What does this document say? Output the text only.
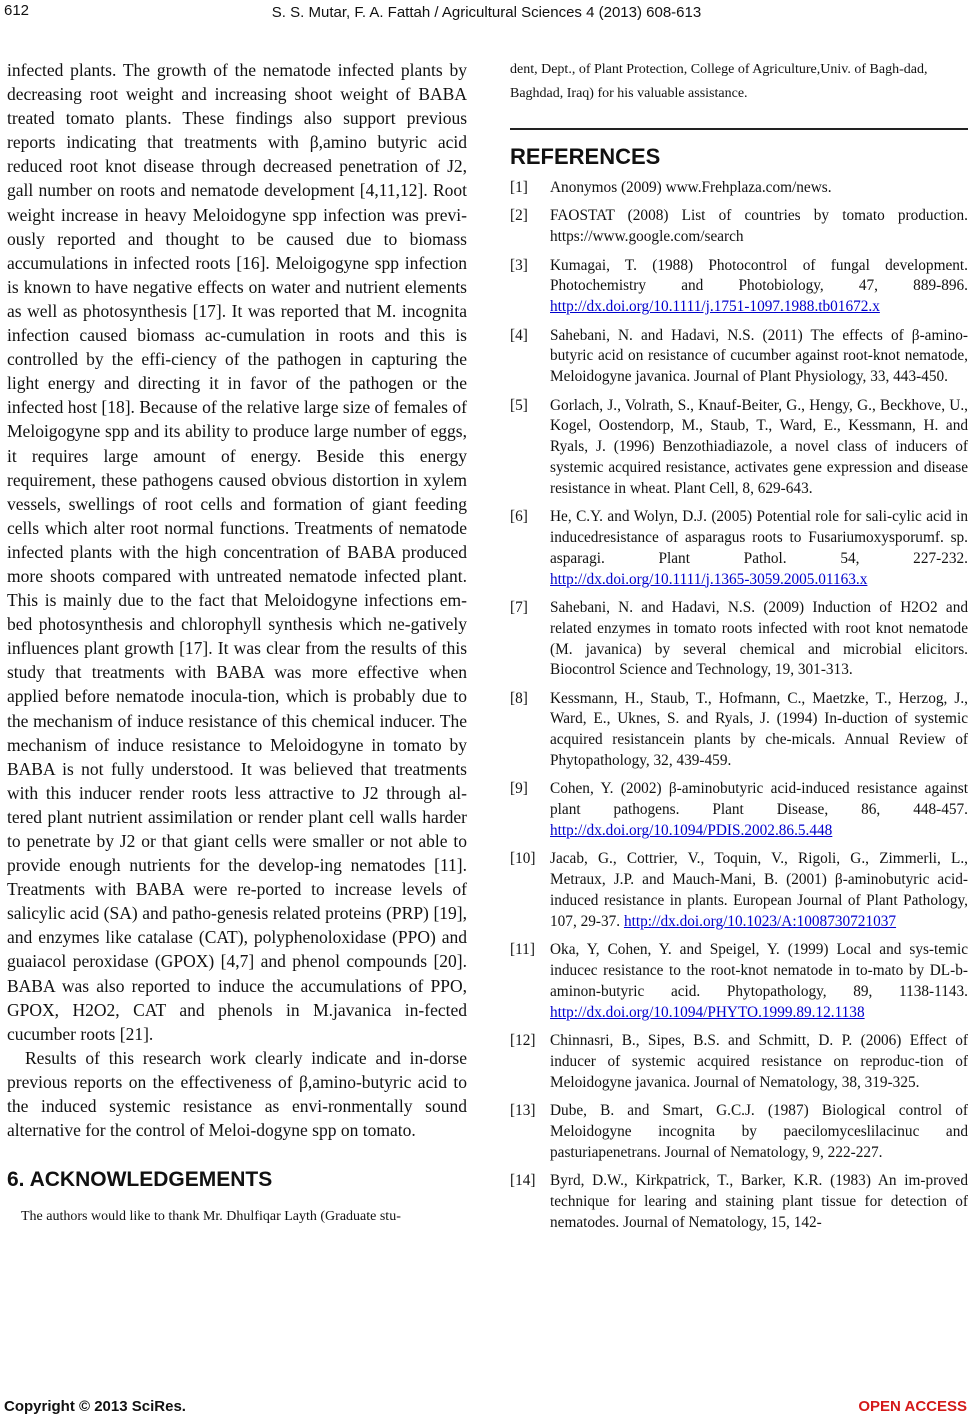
612	S. S. Mutar, F. A. Fattah / Agricultural Sciences 4 (2013) 608-613

infected plants. The growth of the nematode infected plants by decreasing root weight and increasing shoot weight of BABA treated tomato plants. These findings also support previous reports indicating that treatments with β,amino butyric acid reduced root knot disease through decreased penetration of J2, gall number on roots and nematode development [4,11,12]. Root weight increase in heavy Meloidogyne spp infection was previ-ously reported and thought to be caused due to biomass accumulations in infected roots [16]. Meloigogyne spp infection is known to have negative effects on water and nutrient elements as well as photosynthesis [17]. It was reported that M. incognita infection caused biomass ac-cumulation in roots and this is controlled by the effi-ciency of the pathogen in capturing the light energy and directing it in favor of the pathogen or the infected host [18]. Because of the relative large size of females of Meloigogyne spp and its ability to produce large number of eggs, it requires large amount of energy. Beside this energy requirement, these pathogens caused obvious distortion in xylem vessels, swellings of root cells and formation of giant feeding cells which alter root normal functions. Treatments of nematode infected plants with the high concentration of BABA produced more shoots compared with untreated nematode infected plant. This is mainly due to the fact that Meloidogyne infections em-bed photosynthesis and chlorophyll synthesis which ne-gatively influences plant growth [17]. It was clear from the results of this study that treatments with BABA was more effective when applied before nematode inocula-tion, which is probably due to the mechanism of induce resistance of this chemical inducer. The mechanism of induce resistance to Meloidogyne in tomato by BABA is not fully understood. It was believed that treatments with this inducer render roots less attractive to J2 through al-tered plant nutrient assimilation or render plant cell walls harder to penetrate by J2 or that giant cells were smaller or not able to provide enough nutrients for the develop-ing nematodes [11]. Treatments with BABA were re-ported to increase levels of salicylic acid (SA) and patho-genesis related proteins (PRP) [19], and enzymes like catalase (CAT), polyphenoloxidase (PPO) and guaiacol peroxidase (GPOX) [4,7] and phenol compounds [20]. BABA was also reported to induce the accumulations of PPO, GPOX, H2O2, CAT and phenols in M.javanica in-fected cucumber roots [21].

Results of this research work clearly indicate and in-dorse previous reports on the effectiveness of β,amino-butyric acid to the induced systemic resistance as envi-ronmentally sound alternative for the control of Meloi-dogyne spp on tomato.

6. ACKNOWLEDGEMENTS

The authors would like to thank Mr. Dhulfiqar Layth (Graduate stu-

dent, Dept., of Plant Protection, College of Agriculture,Univ. of Bagh-dad, Baghdad, Iraq) for his valuable assistance.

REFERENCES
[1]	Anonymos (2009) www.Frehplaza.com/news.
[2]	FAOSTAT (2008) List of countries by tomato production. https://www.google.com/search
[3]	Kumagai, T. (1988) Photocontrol of fungal development. Photochemistry and Photobiology, 47, 889-896. http://dx.doi.org/10.1111/j.1751-1097.1988.tb01672.x
[4]	Sahebani, N. and Hadavi, N.S. (2011) The effects of β-amino-butyric acid on resistance of cucumber against root-knot nematode, Meloidogyne javanica. Journal of Plant Physiology, 33, 443-450.
[5]	Gorlach, J., Volrath, S., Knauf-Beiter, G., Hengy, G., Beckhove, U., Kogel, Oostendorp, M., Staub, T., Ward, E., Kessmann, H. and Ryals, J. (1996) Benzothiadiazole, a novel class of inducers of systemic acquired resistance, activates gene expression and disease resistance in wheat. Plant Cell, 8, 629-643.
[6]	He, C.Y. and Wolyn, D.J. (2005) Potential role for sali-cylic acid in inducedresistance of asparagus roots to Fusariumoxysporumf. sp. asparagi. Plant Pathol. 54, 227-232. http://dx.doi.org/10.1111/j.1365-3059.2005.01163.x
[7]	Sahebani, N. and Hadavi, N.S. (2009) Induction of H2O2 and related enzymes in tomato roots infected with root knot nematode (M. javanica) by several chemical and microbial elicitors. Biocontrol Science and Technology, 19, 301-313.
[8]	Kessmann, H., Staub, T., Hofmann, C., Maetzke, T., Herzog, J., Ward, E., Uknes, S. and Ryals, J. (1994) In-duction of systemic acquired resistancein plants by che-micals. Annual Review of Phytopathology, 32, 439-459.
[9]	Cohen, Y. (2002) β-aminobutyric acid-induced resistance against plant pathogens. Plant Disease, 86, 448-457. http://dx.doi.org/10.1094/PDIS.2002.86.5.448
[10] Jacab, G., Cottrier, V., Toquin, V., Rigoli, G., Zimmerli, L., Metraux, J.P. and Mauch-Mani, B. (2001) β-aminobutyric acid-induced resistance in plants. European Journal of Plant Pathology, 107, 29-37. http://dx.doi.org/10.1023/A:1008730721037
[11] Oka, Y, Cohen, Y. and Speigel, Y. (1999) Local and sys-temic inducec resistance to the root-knot nematode in to-mato by DL-b-aminon-butyric acid. Phytopathology, 89, 1138-1143. http://dx.doi.org/10.1094/PHYTO.1999.89.12.1138
[12] Chinnasri, B., Sipes, B.S. and Schmitt, D. P. (2006) Effect of inducer of systemic acquired resistance on reproduc-tion of Meloidogyne javanica. Journal of Nematology, 38, 319-325.
[13] Dube, B. and Smart, G.C.J. (1987) Biological control of Meloidogyne incognita by paecilomyceslilacinuc and pasturiapenetrans. Journal of Nematology, 9, 222-227.
[14] Byrd, D.W., Kirkpatrick, T., Barker, K.R. (1983) An im-proved technique for learing and staining plant tissue for detection of nematodes. Journal of Nematology, 15, 142-
Copyright © 2013 SciRes.	OPEN ACCESS
